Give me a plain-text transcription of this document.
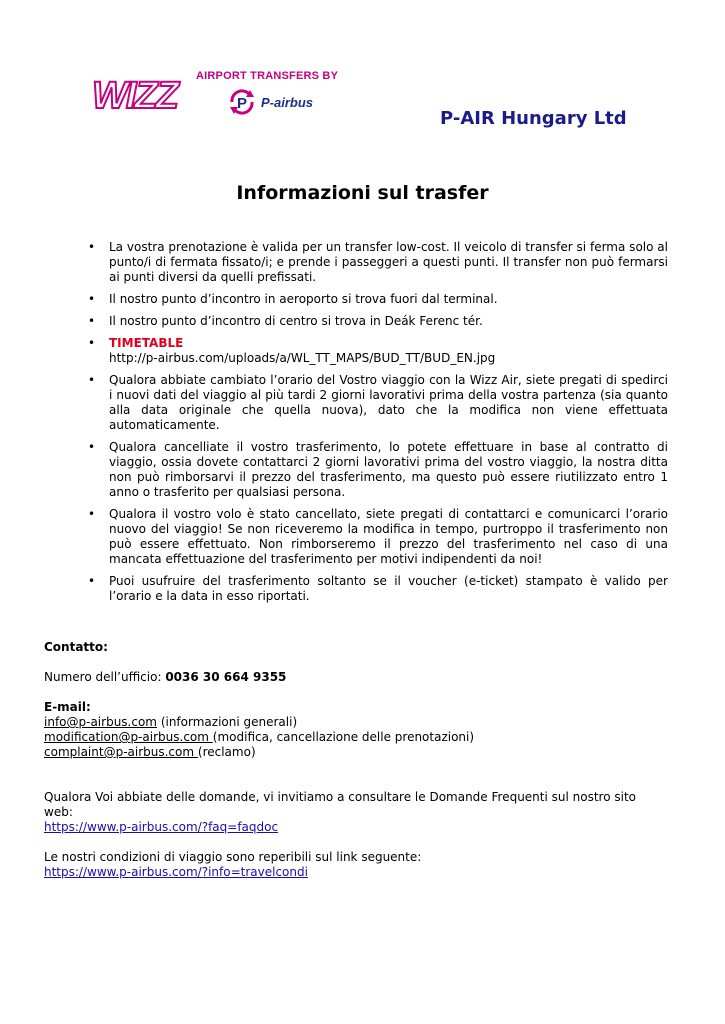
WIZZ	AIRPORT TRANSFERS BY
P P-airbus
P-AIR Hungary Ltd
Informazioni sul trasfer
• La vostra prenotazione è valida per un transfer low-cost. Il veicolo di transfer si ferma solo al punto/i di fermata fissato/i; e prende i passeggeri a questi punti. Il transfer non può fermarsi ai punti diversi da quelli prefissati.
• Il nostro punto d’incontro in aeroporto si trova fuori dal terminal.
• Il nostro punto d’incontro di centro si trova in Deák Ferenc tér.
• TIMETABLE
http://p-airbus.com/uploads/a/WL_TT_MAPS/BUD_TT/BUD_EN.jpg
• Qualora abbiate cambiato l’orario del Vostro viaggio con la Wizz Air, siete pregati di spedirci i nuovi dati del viaggio al più tardi 2 giorni lavorativi prima della vostra partenza (sia quanto alla data originale che quella nuova), dato che la modifica non viene effettuata automaticamente.
• Qualora cancelliate il vostro trasferimento, lo potete effettuare in base al contratto di viaggio, ossia dovete contattarci 2 giorni lavorativi prima del vostro viaggio, la nostra ditta non può rimborsarvi il prezzo del trasferimento, ma questo può essere riutilizzato entro 1 anno o trasferito per qualsiasi persona.
• Qualora il vostro volo è stato cancellato, siete pregati di contattarci e comunicarci l’orario nuovo del viaggio! Se non riceveremo la modifica in tempo, purtroppo il trasferimento non può essere effettuato. Non rimborseremo il prezzo del trasferimento nel caso di una mancata effettuazione del trasferimento per motivi indipendenti da noi!
• Puoi usufruire del trasferimento soltanto se il voucher (e-ticket) stampato è valido per l’orario e la data in esso riportati.

Contatto:

Numero dell’ufficio: 0036 30 664 9355

E-mail:

info@p-airbus.com (informazioni generali)

modification@p-airbus.com (modifica, cancellazione delle prenotazioni)

complaint@p-airbus.com (reclamo)

Qualora Voi abbiate delle domande, vi invitiamo a consultare le Domande Frequenti sul nostro sito web:

https://www.p-airbus.com/?faq=faqdoc

Le nostri condizioni di viaggio sono reperibili sul link seguente:

https://www.p-airbus.com/?info=travelcondi
